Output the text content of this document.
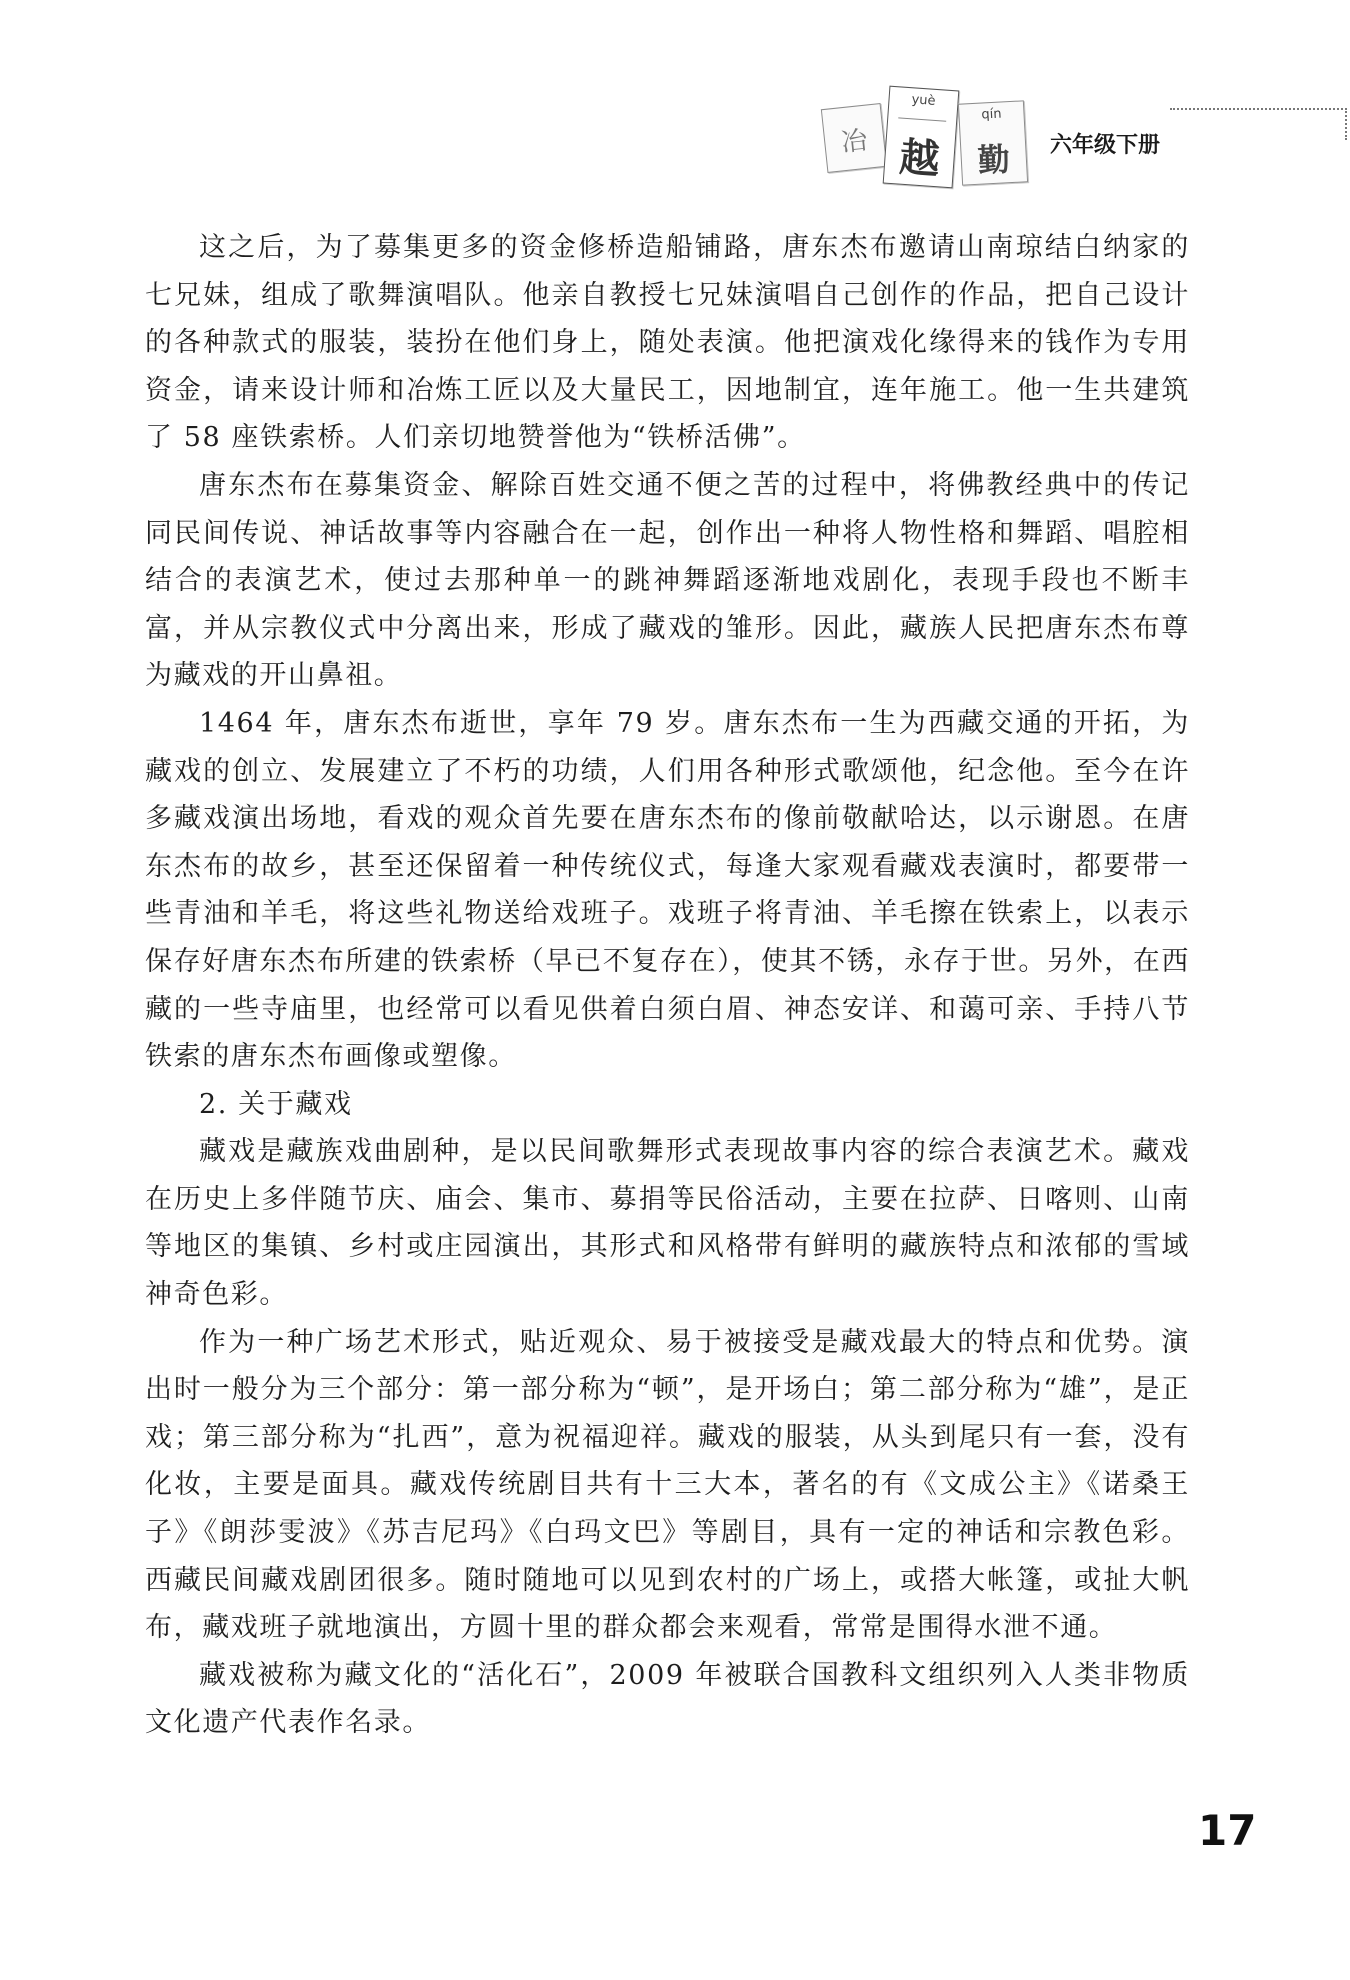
冶
yuè
越
qín
勤	六年级下册

这之后，为了募集更多的资金修桥造船铺路，唐东杰布邀请山南琼结白纳家的七兄妹，组成了歌舞演唱队。他亲自教授七兄妹演唱自己创作的作品，把自己设计的各种款式的服装，装扮在他们身上，随处表演。他把演戏化缘得来的钱作为专用资金，请来设计师和冶炼工匠以及大量民工，因地制宜，连年施工。他一生共建筑了 58 座铁索桥。人们亲切地赞誉他为“铁桥活佛”。

唐东杰布在募集资金、解除百姓交通不便之苦的过程中，将佛教经典中的传记同民间传说、神话故事等内容融合在一起，创作出一种将人物性格和舞蹈、唱腔相结合的表演艺术，使过去那种单一的跳神舞蹈逐渐地戏剧化，表现手段也不断丰富，并从宗教仪式中分离出来，形成了藏戏的雏形。因此，藏族人民把唐东杰布尊为藏戏的开山鼻祖。

1464 年，唐东杰布逝世，享年 79 岁。唐东杰布一生为西藏交通的开拓，为藏戏的创立、发展建立了不朽的功绩，人们用各种形式歌颂他，纪念他。至今在许多藏戏演出场地，看戏的观众首先要在唐东杰布的像前敬献哈达，以示谢恩。在唐东杰布的故乡，甚至还保留着一种传统仪式，每逢大家观看藏戏表演时，都要带一些青油和羊毛，将这些礼物送给戏班子。戏班子将青油、羊毛擦在铁索上，以表示保存好唐东杰布所建的铁索桥（早已不复存在），使其不锈，永存于世。另外，在西藏的一些寺庙里，也经常可以看见供着白须白眉、神态安详、和蔼可亲、手持八节铁索的唐东杰布画像或塑像。

2. 关于藏戏

藏戏是藏族戏曲剧种，是以民间歌舞形式表现故事内容的综合表演艺术。藏戏在历史上多伴随节庆、庙会、集市、募捐等民俗活动，主要在拉萨、日喀则、山南等地区的集镇、乡村或庄园演出，其形式和风格带有鲜明的藏族特点和浓郁的雪域神奇色彩。

作为一种广场艺术形式，贴近观众、易于被接受是藏戏最大的特点和优势。演出时一般分为三个部分：第一部分称为“顿”，是开场白；第二部分称为“雄”，是正戏；第三部分称为“扎西”，意为祝福迎祥。藏戏的服装，从头到尾只有一套，没有化妆，主要是面具。藏戏传统剧目共有十三大本，著名的有《文成公主》《诺桑王子》《朗莎雯波》《苏吉尼玛》《白玛文巴》等剧目，具有一定的神话和宗教色彩。西藏民间藏戏剧团很多。随时随地可以见到农村的广场上，或搭大帐篷，或扯大帆布，藏戏班子就地演出，方圆十里的群众都会来观看，常常是围得水泄不通。

藏戏被称为藏文化的“活化石”，2009 年被联合国教科文组织列入人类非物质文化遗产代表作名录。

17
